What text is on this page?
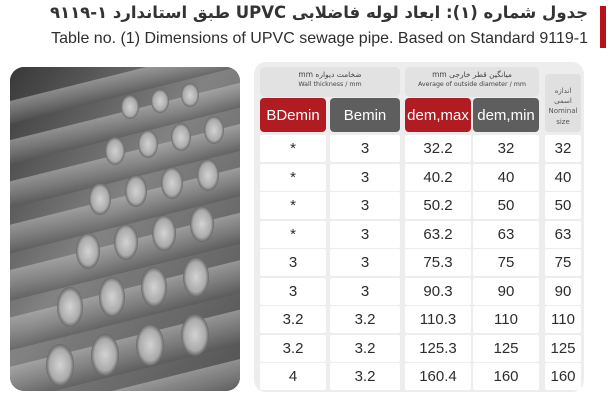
جدول شماره (۱): ابعاد لوله فاضلابی UPVC طبق استاندارد ۱-۹۱۱۹
Table no. (1) Dimensions of UPVC sewage pipe. Based on Standard 9119-1
ضخامت دیواره mm
Wall thickness / mm
میانگین قطر خارجی mm
Average of outside diameter / mm
اندازه اسمی
Nominal
size
BDemin	Bemin	dem,max dem,min
*	3	32.2	32	32
*	3	40.2	40	40
*	3	50.2	50	50
*	3	63.2	63	63
3	3	75.3	75	75
3	3	90.3	90	90
3.2	3.2	110.3	110	110
3.2	3.2	125.3	125	125
4	3.2	160.4	160	160
